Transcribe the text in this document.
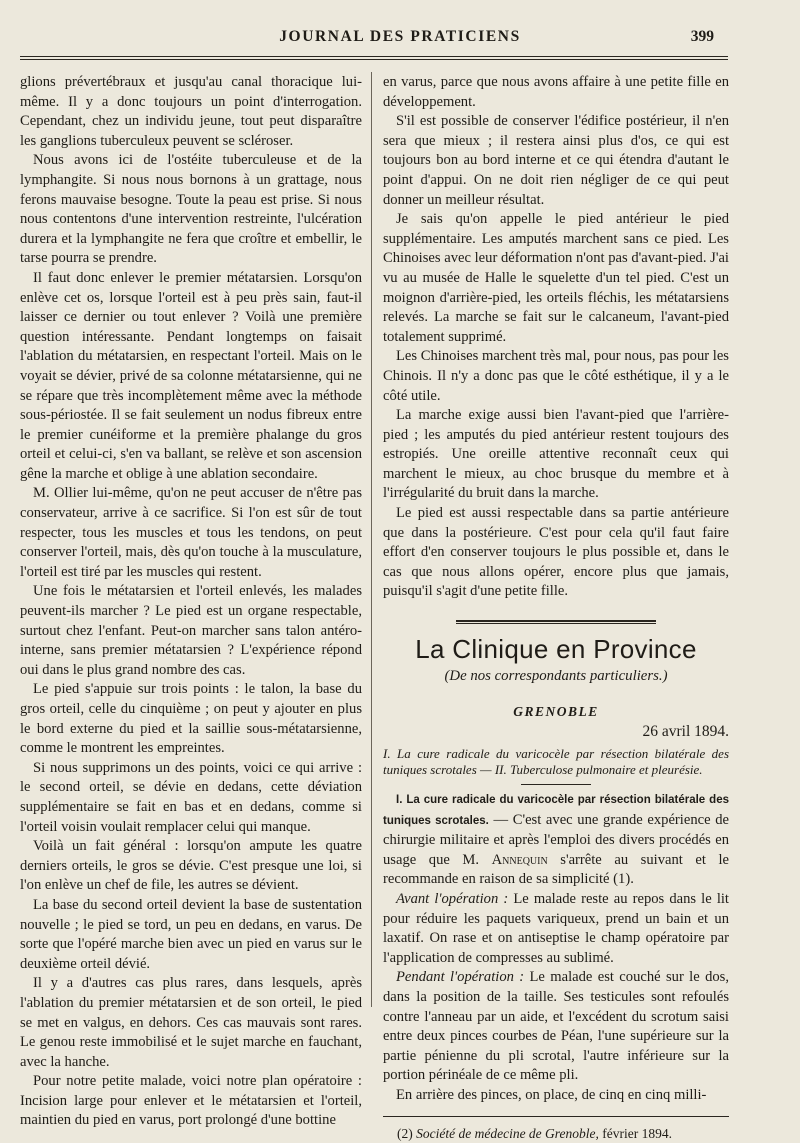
JOURNAL DES PRATICIENS	399

glions prévertébraux et jusqu'au canal thoracique lui-même. Il y a donc toujours un point d'interrogation. Cependant, chez un individu jeune, tout peut disparaître les ganglions tuberculeux peuvent se scléroser.

Nous avons ici de l'ostéite tuberculeuse et de la lymphangite. Si nous nous bornons à un grattage, nous ferons mauvaise besogne. Toute la peau est prise. Si nous nous contentons d'une intervention restreinte, l'ulcération durera et la lymphangite ne fera que croître et embellir, le tarse pourra se prendre.

Il faut donc enlever le premier métatarsien. Lorsqu'on enlève cet os, lorsque l'orteil est à peu près sain, faut-il laisser ce dernier ou tout enlever ? Voilà une première question intéressante. Pendant longtemps on faisait l'ablation du métatarsien, en respectant l'orteil. Mais on le voyait se dévier, privé de sa colonne métatarsienne, qui ne se répare que très incomplètement même avec la méthode sous-périostée. Il se fait seulement un nodus fibreux entre le premier cunéiforme et la première phalange du gros orteil et celui-ci, s'en va ballant, se relève et son ascension gêne la marche et oblige à une ablation secondaire.

M. Ollier lui-même, qu'on ne peut accuser de n'être pas conservateur, arrive à ce sacrifice. Si l'on est sûr de tout respecter, tous les muscles et tous les tendons, on peut conserver l'orteil, mais, dès qu'on touche à la musculature, l'orteil est tiré par les muscles qui restent.

Une fois le métatarsien et l'orteil enlevés, les malades peuvent-ils marcher ? Le pied est un organe respectable, surtout chez l'enfant. Peut-on marcher sans talon antéro-interne, sans premier métatarsien ? L'expérience répond oui dans le plus grand nombre des cas.

Le pied s'appuie sur trois points : le talon, la base du gros orteil, celle du cinquième ; on peut y ajouter en plus le bord externe du pied et la saillie sous-métatarsienne, comme le montrent les empreintes.

Si nous supprimons un des points, voici ce qui arrive : le second orteil, se dévie en dedans, cette déviation supplémentaire se fait en bas et en dedans, comme si l'orteil voisin voulait remplacer celui qui manque.

Voilà un fait général : lorsqu'on ampute les quatre derniers orteils, le gros se dévie. C'est presque une loi, si l'on enlève un chef de file, les autres se dévient.

La base du second orteil devient la base de sustentation nouvelle ; le pied se tord, un peu en dedans, en varus. De sorte que l'opéré marche bien avec un pied en varus sur le deuxième orteil dévié.

Il y a d'autres cas plus rares, dans lesquels, après l'ablation du premier métatarsien et de son orteil, le pied se met en valgus, en dehors. Ces cas mauvais sont rares. Le genou reste immobilisé et le sujet marche en fauchant, avec la hanche.

Pour notre petite malade, voici notre plan opératoire : Incision large pour enlever et le métatarsien et l'orteil, maintien du pied en varus, port prolongé d'une bottine

en varus, parce que nous avons affaire à une petite fille en développement.

S'il est possible de conserver l'édifice postérieur, il n'en sera que mieux ; il restera ainsi plus d'os, ce qui est toujours bon au bord interne et ce qui étendra d'autant le point d'appui. On ne doit rien négliger de ce qui peut donner un meilleur résultat.

Je sais qu'on appelle le pied antérieur le pied supplémentaire. Les amputés marchent sans ce pied. Les Chinoises avec leur déformation n'ont pas d'avant-pied. J'ai vu au musée de Halle le squelette d'un tel pied. C'est un moignon d'arrière-pied, les orteils fléchis, les métatarsiens relevés. La marche se fait sur le calcaneum, l'avant-pied totalement supprimé.

Les Chinoises marchent très mal, pour nous, pas pour les Chinois. Il n'y a donc pas que le côté esthétique, il y a le côté utile.

La marche exige aussi bien l'avant-pied que l'arrière-pied ; les amputés du pied antérieur restent toujours des estropiés. Une oreille attentive reconnaît ceux qui marchent le mieux, au choc brusque du membre et à l'irrégularité du bruit dans la marche.

Le pied est aussi respectable dans sa partie antérieure que dans la postérieure. C'est pour cela qu'il faut faire effort d'en conserver toujours le plus possible et, dans le cas que nous allons opérer, encore plus que jamais, puisqu'il s'agit d'une petite fille.

La Clinique en Province
(De nos correspondants particuliers.)
GRENOBLE
26 avril 1894.
I. La cure radicale du varicocèle par résection bilatérale des tuniques scrotales — II. Tuberculose pulmonaire et pleurésie.

I. La cure radicale du varicocèle par résection bilatérale des tuniques scrotales. — C'est avec une grande expérience de chirurgie militaire et après l'emploi des divers procédés en usage que M. Annequin s'arrête au suivant et le recommande en raison de sa simplicité (1).

Avant l'opération : Le malade reste au repos dans le lit pour réduire les paquets variqueux, prend un bain et un laxatif. On rase et on antiseptise le champ opératoire par l'application de compresses au sublimé.

Pendant l'opération : Le malade est couché sur le dos, dans la position de la taille. Ses testicules sont refoulés contre l'anneau par un aide, et l'excédent du scrotum saisi entre deux pinces courbes de Péan, l'une supérieure sur la partie pénienne du pli scrotal, l'autre inférieure sur la portion périnéale de ce même pli.

En arrière des pinces, on place, de cinq en cinq milli-

(2) Société de médecine de Grenoble, février 1894.
